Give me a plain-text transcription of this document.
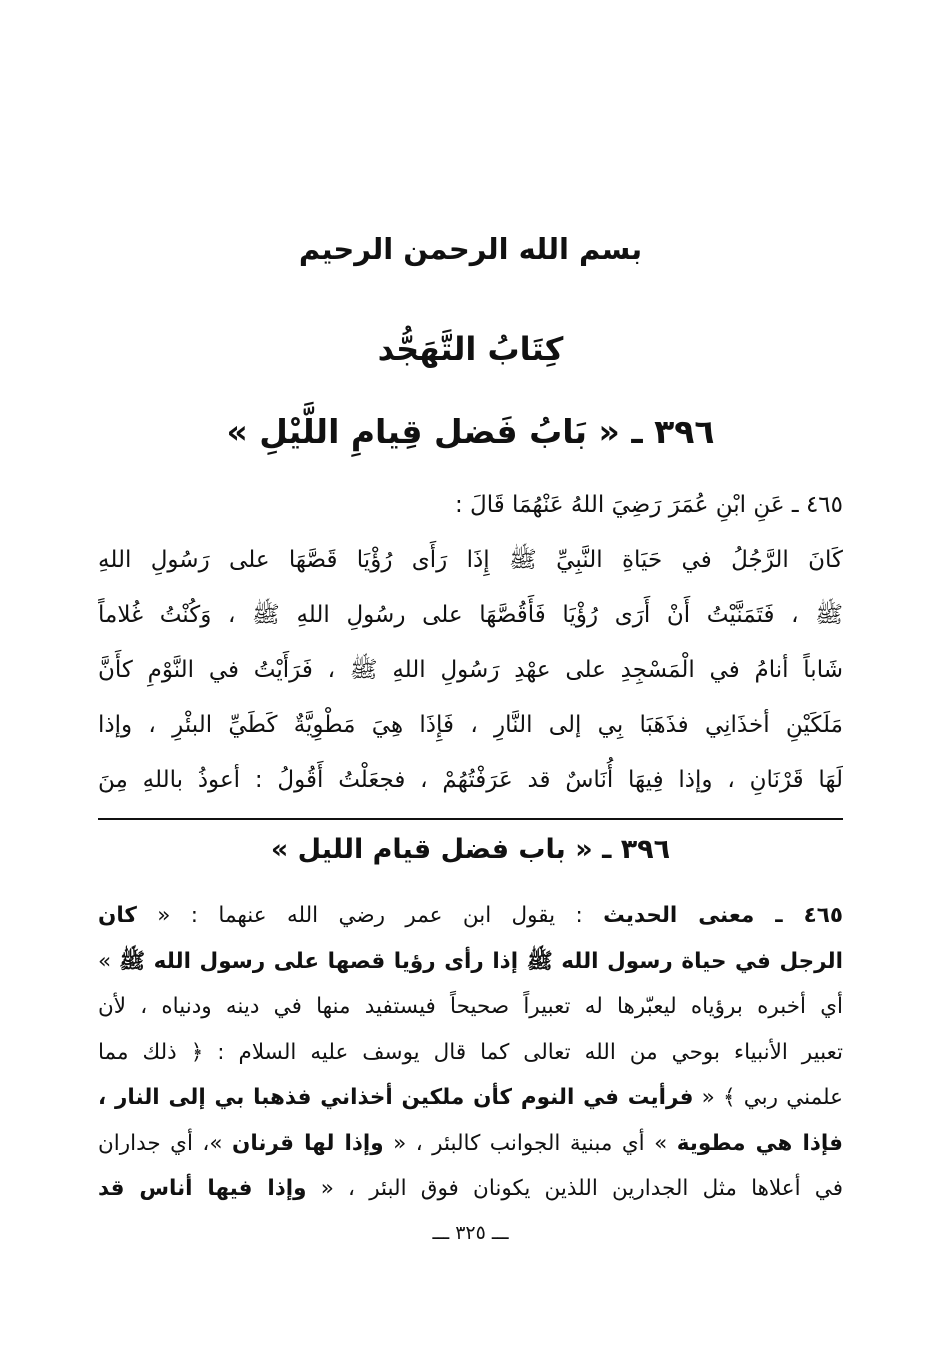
بسم الله الرحمن الرحيم
كِتَابُ التَّهَجُّد
٣٩٦ ـ « بَابُ فَضل قِيامِ اللَّيْلِ »
٤٦٥ ـ عَنِ ابْنِ عُمَرَ رَضِيَ اللهُ عَنْهُمَا قَالَ :
كَانَ الرَّجُلُ في حَيَاةِ النَّبِيِّ ﷺ إِذَا رَأَى رُؤْيَا قَصَّهَا على رَسُولِ اللهِ
ﷺ ، فَتَمَنَّيْتُ أَنْ أَرَى رُؤْيَا فَأَقُصَّهَا على رسُولِ اللهِ ﷺ ، وَكُنْتُ غُلاماً
شَاباً أنامُ في الْمَسْجِدِ على عهْدِ رَسُولِ اللهِ ﷺ ، فَرَأَيْتُ في النَّوْمِ كأَنَّ
مَلَكَيْنِ أخذَانِي فذَهَبَا بِي إلى النَّارِ ، فَإِذَا هِيَ مَطْوِيَّةٌ كَطَيِّ البئْرِ ، وإذا
لَهَا قَرْنَانِ ، وإذا فِيهَا أُنَاسٌ قد عَرَفْتُهُمْ ، فجعَلْتُ أَقُولُ : أعوذُ باللهِ مِنَ
٣٩٦ ـ « باب فضل قيام الليل »
٤٦٥ ـ معنى الحديث : يقول ابن عمر رضي الله عنهما : « كان
الرجل في حياة رسول الله ﷺ إذا رأى رؤيا قصها على رسول الله ﷺ »
أي أخبره برؤياه ليعبّرها له تعبيراً صحيحاً فيستفيد منها في دينه ودنياه ، لأن
تعبير الأنبياء بوحي من الله تعالى كما قال يوسف عليه السلام : ﴿ ذلك مما
علمني ربي ﴾ « فرأيت في النوم كأن ملكين أخذاني فذهبا بي إلى النار ،
فإذا هي مطوية » أي مبنية الجوانب كالبئر ، « وإذا لها قرنان »، أي جداران
في أعلاها مثل الجدارين اللذين يكونان فوق البئر ، « وإذا فيها أناس قد
ـــ ٣٢٥ ـــ
